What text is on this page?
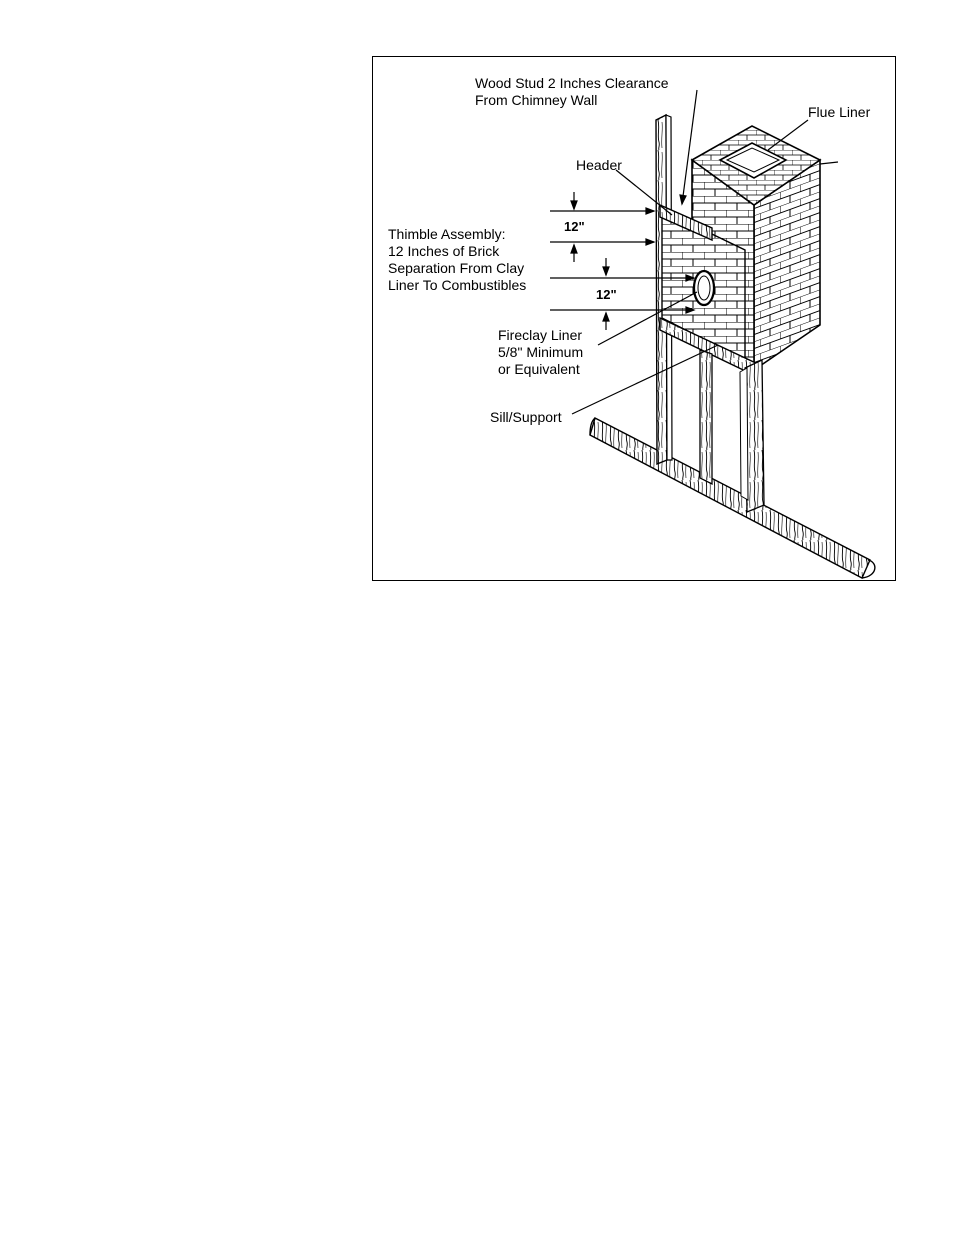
Wood Stud 2 Inches Clearance
From Chimney Wall
Flue Liner
Header
Thimble Assembly:
12 Inches of Brick
Separation From Clay
Liner To Combustibles
12"
12"
Fireclay Liner
5/8" Minimum
or Equivalent
Sill/Support
